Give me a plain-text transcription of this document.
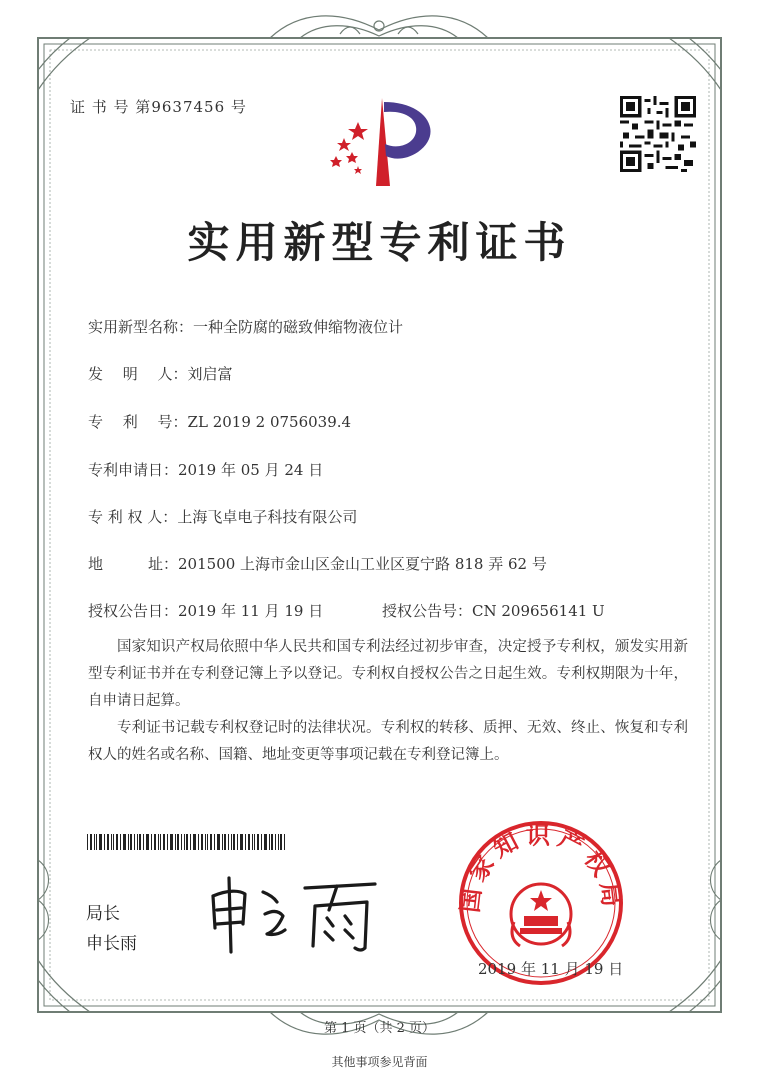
证 书 号 第9637456 号
实用新型专利证书
实用新型名称：一种全防腐的磁致伸缩物液位计
发　 明 　人：刘启富
专　 利　 号：ZL 2019 2 0756039.4
专利申请日：2019 年 05 月 24 日
专 利 权 人：上海飞卓电子科技有限公司
地　　　址：201500 上海市金山区金山工业区夏宁路 818 弄 62 号
授权公告日：2019 年 11 月 19 日	授权公告号：CN 209656141 U
国家知识产权局依照中华人民共和国专利法经过初步审查，决定授予专利权，颁发实用新型专利证书并在专利登记簿上予以登记。专利权自授权公告之日起生效。专利权期限为十年，自申请日起算。
专利证书记载专利权登记时的法律状况。专利权的转移、质押、无效、终止、恢复和专利权人的姓名或名称、国籍、地址变更等事项记载在专利登记簿上。
局长
申长雨
国家知识产权局
2019 年 11 月 19 日
第 1 页（共 2 页）
其他事项参见背面
